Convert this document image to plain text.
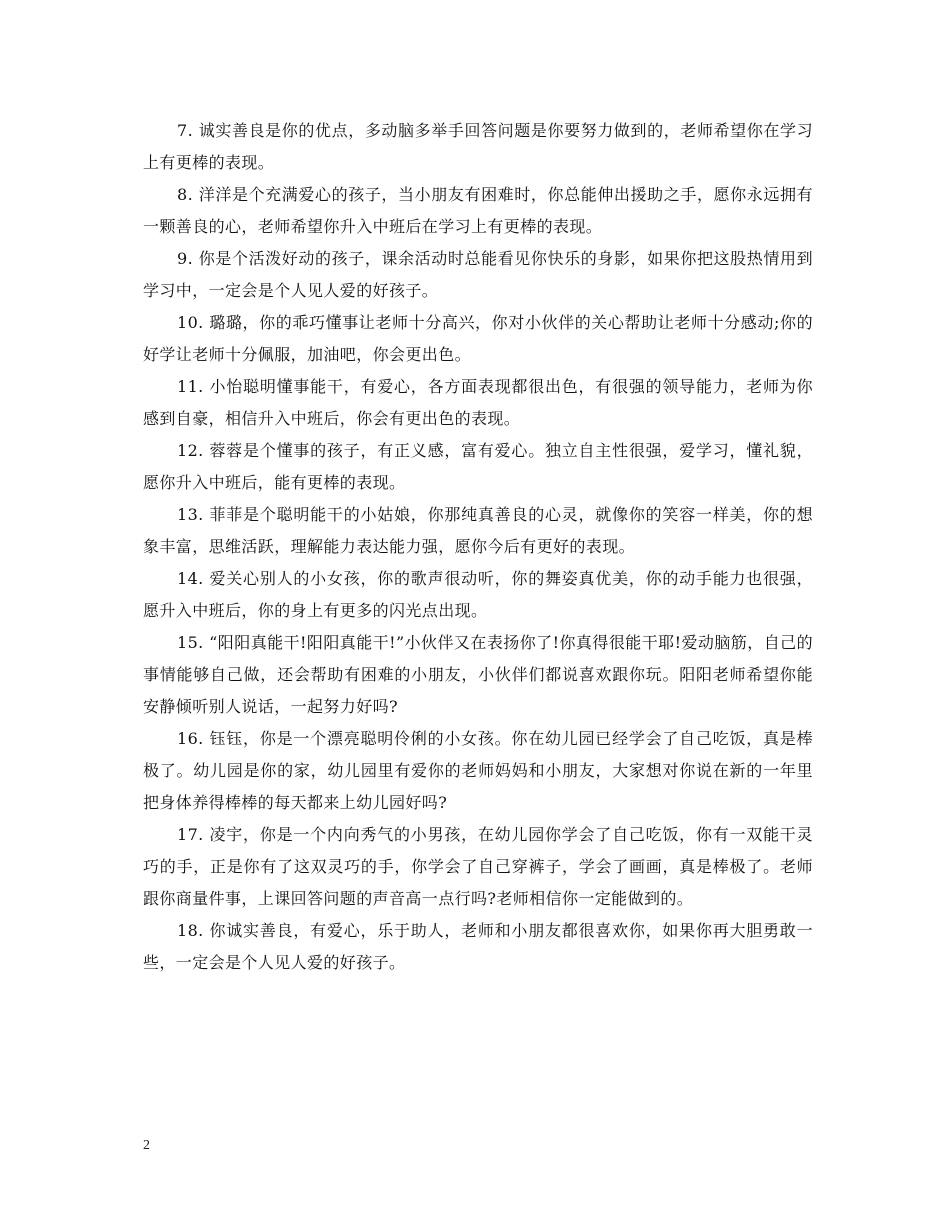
7. 诚实善良是你的优点，多动脑多举手回答问题是你要努力做到的，老师希望你在学习上有更棒的表现。

8. 洋洋是个充满爱心的孩子，当小朋友有困难时，你总能伸出援助之手，愿你永远拥有一颗善良的心，老师希望你升入中班后在学习上有更棒的表现。

9. 你是个活泼好动的孩子，课余活动时总能看见你快乐的身影，如果你把这股热情用到学习中，一定会是个人见人爱的好孩子。

10. 璐璐，你的乖巧懂事让老师十分高兴，你对小伙伴的关心帮助让老师十分感动;你的好学让老师十分佩服，加油吧，你会更出色。

11. 小怡聪明懂事能干，有爱心，各方面表现都很出色，有很强的领导能力，老师为你感到自豪，相信升入中班后，你会有更出色的表现。

12. 蓉蓉是个懂事的孩子，有正义感，富有爱心。独立自主性很强，爱学习，懂礼貌，愿你升入中班后，能有更棒的表现。

13. 菲菲是个聪明能干的小姑娘，你那纯真善良的心灵，就像你的笑容一样美，你的想象丰富，思维活跃，理解能力表达能力强，愿你今后有更好的表现。

14. 爱关心别人的小女孩，你的歌声很动听，你的舞姿真优美，你的动手能力也很强，愿升入中班后，你的身上有更多的闪光点出现。

15. “阳阳真能干!阳阳真能干!”小伙伴又在表扬你了!你真得很能干耶!爱动脑筋，自己的事情能够自己做，还会帮助有困难的小朋友，小伙伴们都说喜欢跟你玩。阳阳老师希望你能安静倾听别人说话，一起努力好吗?

16. 钰钰，你是一个漂亮聪明伶俐的小女孩。你在幼儿园已经学会了自己吃饭，真是棒极了。幼儿园是你的家，幼儿园里有爱你的老师妈妈和小朋友，大家想对你说在新的一年里把身体养得棒棒的每天都来上幼儿园好吗?

17. 凌宇，你是一个内向秀气的小男孩，在幼儿园你学会了自己吃饭，你有一双能干灵巧的手，正是你有了这双灵巧的手，你学会了自己穿裤子，学会了画画，真是棒极了。老师跟你商量件事，上课回答问题的声音高一点行吗?老师相信你一定能做到的。

18. 你诚实善良，有爱心，乐于助人，老师和小朋友都很喜欢你，如果你再大胆勇敢一些，一定会是个人见人爱的好孩子。

2
